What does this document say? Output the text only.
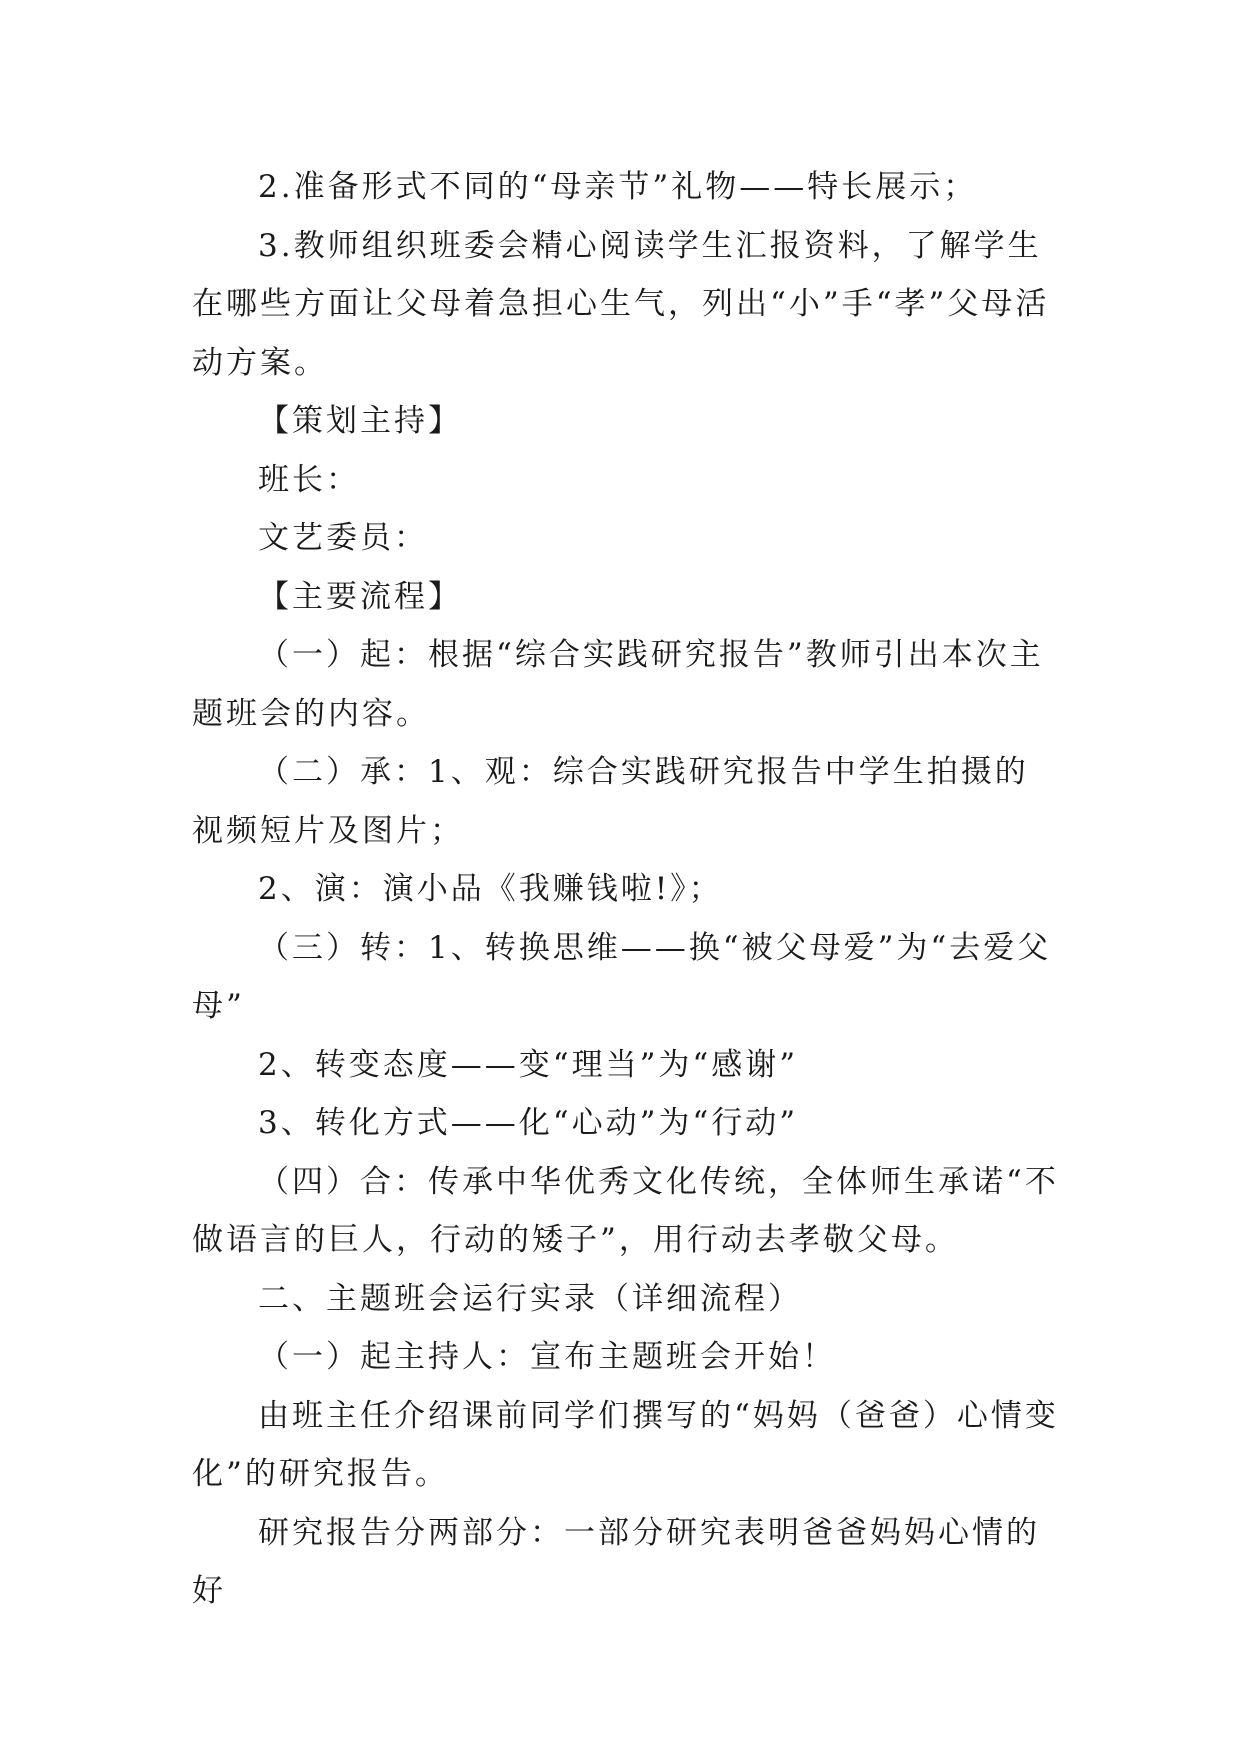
2.准备形式不同的“母亲节”礼物——特长展示；

3.教师组织班委会精心阅读学生汇报资料，了解学生在哪些方面让父母着急担心生气，列出“小”手“孝”父母活动方案。

【策划主持】

班长：

文艺委员：

【主要流程】

（一）起：根据“综合实践研究报告”教师引出本次主题班会的内容。

（二）承：1、观：综合实践研究报告中学生拍摄的视频短片及图片；

2、演：演小品《我赚钱啦!》；

（三）转：1、转换思维——换“被父母爱”为“去爱父母”

2、转变态度——变“理当”为“感谢”

3、转化方式——化“心动”为“行动”

（四）合：传承中华优秀文化传统，全体师生承诺“不做语言的巨人，行动的矮子”，用行动去孝敬父母。

二、主题班会运行实录（详细流程）

（一）起主持人：宣布主题班会开始！

由班主任介绍课前同学们撰写的“妈妈（爸爸）心情变化”的研究报告。

研究报告分两部分：一部分研究表明爸爸妈妈心情的好
